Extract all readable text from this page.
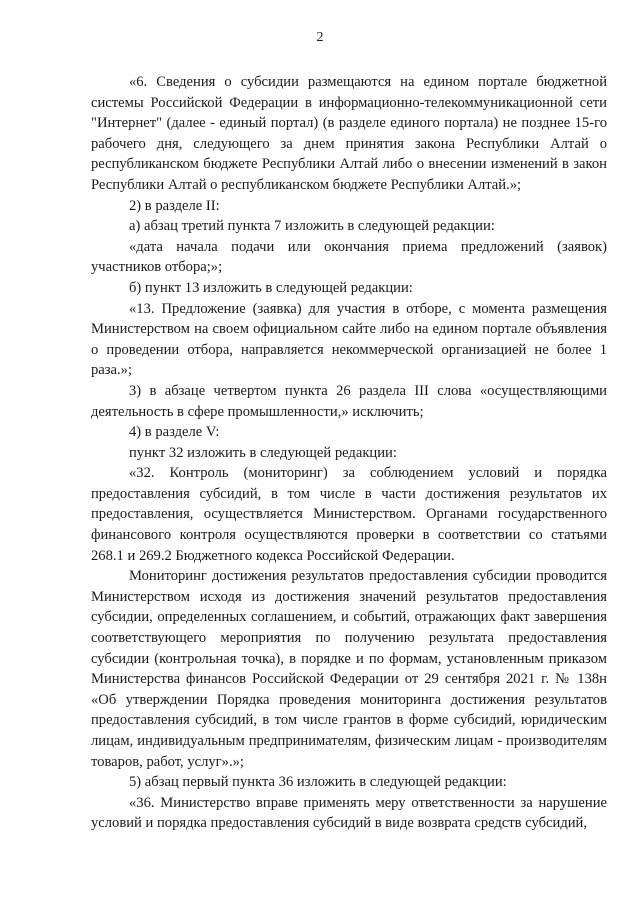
2

«6. Сведения о субсидии размещаются на едином портале бюджетной системы Российской Федерации в информационно-телекоммуникационной сети "Интернет" (далее - единый портал) (в разделе единого портала) не позднее 15-го рабочего дня, следующего за днем принятия закона Республики Алтай о республиканском бюджете Республики Алтай либо о внесении изменений в закон Республики Алтай о республиканском бюджете Республики Алтай.»;

2) в разделе II:

а) абзац третий пункта 7 изложить в следующей редакции:

«дата начала подачи или окончания приема предложений (заявок) участников отбора;»;

б) пункт 13 изложить в следующей редакции:

«13. Предложение (заявка) для участия в отборе, с момента размещения Министерством на своем официальном сайте либо на едином портале объявления о проведении отбора, направляется некоммерческой организацией не более 1 раза.»;

3) в абзаце четвертом пункта 26 раздела III слова «осуществляющими деятельность в сфере промышленности,» исключить;

4) в разделе V:

пункт 32 изложить в следующей редакции:

«32. Контроль (мониторинг) за соблюдением условий и порядка предоставления субсидий, в том числе в части достижения результатов их предоставления, осуществляется Министерством. Органами государственного финансового контроля осуществляются проверки в соответствии со статьями 268.1 и 269.2 Бюджетного кодекса Российской Федерации.

Мониторинг достижения результатов предоставления субсидии проводится Министерством исходя из достижения значений результатов предоставления субсидии, определенных соглашением, и событий, отражающих факт завершения соответствующего мероприятия по получению результата предоставления субсидии (контрольная точка), в порядке и по формам, установленным приказом Министерства финансов Российской Федерации от 29 сентября 2021 г. № 138н «Об утверждении Порядка проведения мониторинга достижения результатов предоставления субсидий, в том числе грантов в форме субсидий, юридическим лицам, индивидуальным предпринимателям, физическим лицам - производителям товаров, работ, услуг».»;

5) абзац первый пункта 36 изложить в следующей редакции:

«36. Министерство вправе применять меру ответственности за нарушение условий и порядка предоставления субсидий в виде возврата средств субсидий,
